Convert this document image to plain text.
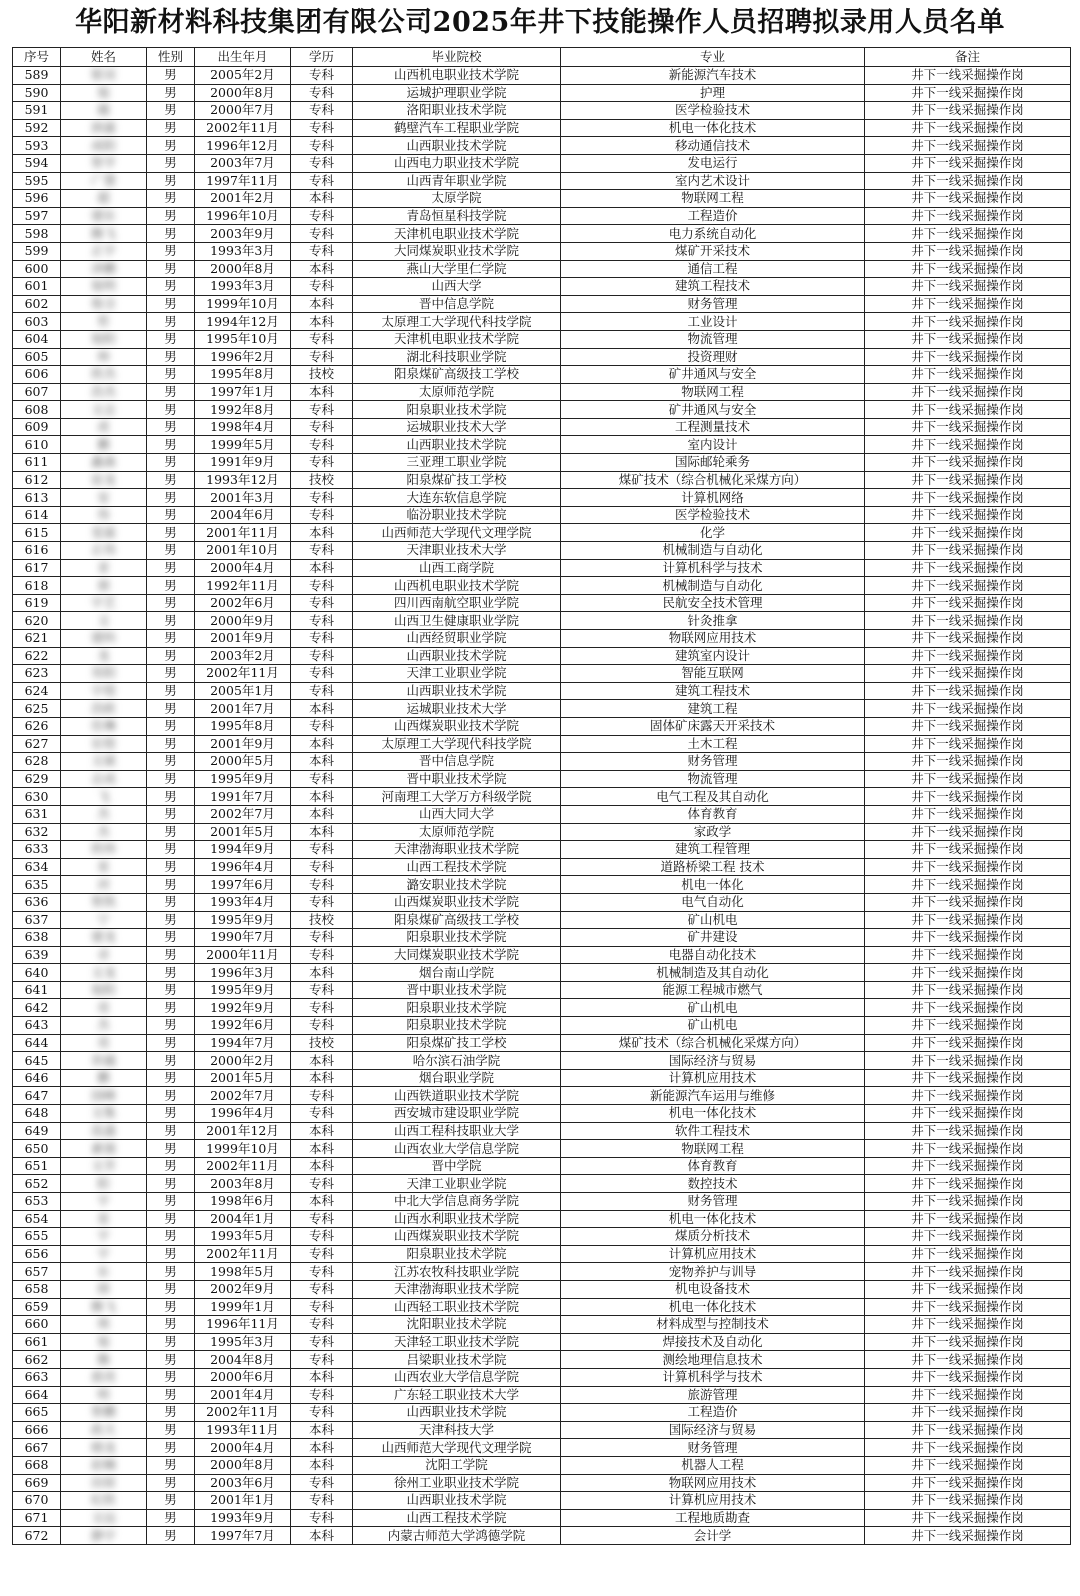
华阳新材料科技集团有限公司2025年井下技能操作人员招聘拟录用人员名单
序号	姓名	性别	出生年月	学历	毕业院校	专业	备注
589	银双	男	2005年2月	专科	山西机电职业技术学院	新能源汽车技术	井下一线采掘操作岗
590	旭	男	2000年8月	专科	运城护理职业学院	护理	井下一线采掘操作岗
591	越	男	2000年7月	专科	洛阳职业技术学院	医学检验技术	井下一线采掘操作岗
592	润嘉	男	2002年11月	专科	鹤壁汽车工程职业学院	机电一体化技术	井下一线采掘操作岗
593	成阳	男	1996年12月	专科	山西职业技术学院	移动通信技术	井下一线采掘操作岗
594	智亨	男	2003年7月	专科	山西电力职业技术学院	发电运行	井下一线采掘操作岗
595	广慧	男	1997年11月	专科	山西青年职业学院	室内艺术设计	井下一线采掘操作岗
596	超	男	2001年2月	本科	太原学院	物联网工程	井下一线采掘操作岗
597	建东	男	1996年10月	专科	青岛恒星科技学院	工程造价	井下一线采掘操作岗
598	腾飞	男	2003年9月	专科	天津机电职业技术学院	电力系统自动化	井下一线采掘操作岗
599	正宇	男	1993年3月	专科	大同煤炭职业技术学院	煤矿开采技术	井下一线采掘操作岗
600	泽鹏	男	2000年8月	本科	燕山大学里仁学院	通信工程	井下一线采掘操作岗
601	旭明	男	1993年3月	专科	山西大学	建筑工程技术	井下一线采掘操作岗
602	俊全	男	1999年10月	本科	晋中信息学院	财务管理	井下一线采掘操作岗
603	哲	男	1994年12月	本科	太原理工大学现代科技学院	工业设计	井下一线采掘操作岗
604	旭阳	男	1995年10月	专科	天津机电职业技术学院	物流管理	井下一线采掘操作岗
605	帅	男	1996年2月	专科	湖北科技职业学院	投资理财	井下一线采掘操作岗
606	欣杰	男	1995年8月	技校	阳泉煤矿高级技工学校	矿井通风与安全	井下一线采掘操作岗
607	浩杰	男	1997年1月	本科	太原师范学院	物联网工程	井下一线采掘操作岗
608	文志	男	1992年8月	专科	阳泉职业技术学院	矿井通风与安全	井下一线采掘操作岗
609	虎	男	1998年4月	专科	运城职业技术大学	工程测量技术	井下一线采掘操作岗
610	鹏	男	1999年5月	专科	山西职业技术学院	室内设计	井下一线采掘操作岗
611	鑫森	男	1991年9月	专科	三亚理工职业学院	国际邮轮乘务	井下一线采掘操作岗
612	宸龙	男	1993年12月	技校	阳泉煤矿技工学校	煤矿技术（综合机械化采煤方向）	井下一线采掘操作岗
613	安	男	2001年3月	专科	大连东软信息学院	计算机网络	井下一线采掘操作岗
614	伟	男	2004年6月	专科	临汾职业技术学院	医学检验技术	井下一线采掘操作岗
615	雯霖	男	2001年11月	本科	山西师范大学现代文理学院	化学	井下一线采掘操作岗
616	正伟	男	2001年10月	专科	天津职业技术大学	机械制造与自动化	井下一线采掘操作岗
617	亚	男	2000年4月	本科	山西工商学院	计算机科学与技术	井下一线采掘操作岗
618	朋	男	1992年11月	专科	山西机电职业技术学院	机械制造与自动化	井下一线采掘操作岗
619	宇艺	男	2002年6月	专科	四川西南航空职业学院	民航安全技术管理	井下一线采掘操作岗
620	文	男	2000年9月	专科	山西卫生健康职业学院	针灸推拿	井下一线采掘操作岗
621	建科	男	2001年9月	专科	山西经贸职业学院	物联网应用技术	井下一线采掘操作岗
622	龙	男	2003年2月	专科	山西职业技术学院	建筑室内设计	井下一线采掘操作岗
623	昊阳	男	2002年11月	专科	天津工业职业学院	智能互联网	井下一线采掘操作岗
624	宇煜	男	2005年1月	专科	山西职业技术学院	建筑工程技术	井下一线采掘操作岗
625	浩欧	男	2001年7月	本科	运城职业技术大学	建筑工程	井下一线采掘操作岗
626	佳琳	男	1995年8月	专科	山西煤炭职业技术学院	固体矿床露天开采技术	井下一线采掘操作岗
627	宏煜	男	2001年9月	本科	太原理工大学现代科技学院	土木工程	井下一线采掘操作岗
628	文斌	男	2000年5月	本科	晋中信息学院	财务管理	井下一线采掘操作岗
629	志成	男	1995年9月	专科	晋中职业技术学院	物流管理	井下一线采掘操作岗
630	飞	男	1991年7月	本科	河南理工大学万方科级学院	电气工程及其自动化	井下一线采掘操作岗
631	杰	男	2002年7月	本科	山西大同大学	体育教育	井下一线采掘操作岗
632	杰	男	2001年5月	本科	太原师范学院	家政学	井下一线采掘操作岗
633	欣炜	男	1994年9月	专科	天津渤海职业技术学院	建筑工程管理	井下一线采掘操作岗
634	星	男	1996年4月	专科	山西工程技术学院	道路桥梁工程 技术	井下一线采掘操作岗
635	河	男	1997年6月	专科	潞安职业技术学院	机电一体化	井下一线采掘操作岗
636	智凯	男	1993年4月	专科	山西煤炭职业技术学院	电气自动化	井下一线采掘操作岗
637	宁	男	1995年9月	技校	阳泉煤矿高级技工学校	矿山机电	井下一线采掘操作岗
638	建龙	男	1990年7月	专科	阳泉职业技术学院	矿井建设	井下一线采掘操作岗
639	卓	男	2000年11月	专科	大同煤炭职业技术学院	电器自动化技术	井下一线采掘操作岗
640	文龙	男	1996年3月	本科	烟台南山学院	机械制造及其自动化	井下一线采掘操作岗
641	旭阳	男	1995年9月	专科	晋中职业技术学院	能源工程城市燃气	井下一线采掘操作岗
642	亮	男	1992年9月	专科	阳泉职业技术学院	矿山机电	井下一线采掘操作岗
643	杰	男	1992年6月	专科	阳泉职业技术学院	矿山机电	井下一线采掘操作岗
644	亮	男	1994年7月	技校	阳泉煤矿技工学校	煤矿技术（综合机械化采煤方向）	井下一线采掘操作岗
645	世越	男	2000年2月	本科	哈尔滨石油学院	国际经济与贸易	井下一线采掘操作岗
646	鹏	男	2001年5月	本科	烟台职业学院	计算机应用技术	井下一线采掘操作岗
647	国峰	男	2002年7月	专科	山西铁道职业技术学院	新能源汽车运用与维修	井下一线采掘操作岗
648	文集	男	1996年4月	专科	西安城市建设职业学院	机电一体化技术	井下一线采掘操作岗
649	泓盛	男	2001年12月	本科	山西工程科技职业大学	软件工程技术	井下一线采掘操作岗
650	素强	男	1999年10月	本科	山西农业大学信息学院	物联网工程	井下一线采掘操作岗
651	文芳	男	2002年11月	本科	晋中学院	体育教育	井下一线采掘操作岗
652	阳	男	2003年8月	专科	天津工业职业学院	数控技术	井下一线采掘操作岗
653	宇	男	1998年6月	本科	中北大学信息商务学院	财务管理	井下一线采掘操作岗
654	星	男	2004年1月	专科	山西水利职业技术学院	机电一体化技术	井下一线采掘操作岗
655	宇	男	1993年5月	专科	山西煤炭职业技术学院	煤质分析技术	井下一线采掘操作岗
656	宇	男	2002年11月	专科	阳泉职业技术学院	计算机应用技术	井下一线采掘操作岗
657	东	男	1998年5月	专科	江苏农牧科技职业学院	宠物养护与训导	井下一线采掘操作岗
658	颀	男	2002年9月	专科	天津渤海职业技术学院	机电设备技术	井下一线采掘操作岗
659	腾飞	男	1999年1月	专科	山西轻工职业技术学院	机电一体化技术	井下一线采掘操作岗
660	琪	男	1996年11月	专科	沈阳职业技术学院	材料成型与控制技术	井下一线采掘操作岗
661	旭	男	1995年3月	专科	天津轻工职业技术学院	焊接技术及自动化	井下一线采掘操作岗
662	腾	男	2004年8月	专科	吕梁职业技术学院	测绘地理信息技术	井下一线采掘操作岗
663	晨亮	男	2000年6月	本科	山西农业大学信息学院	计算机科学与技术	井下一线采掘操作岗
664	明	男	2001年4月	专科	广东轻工职业技术大学	旅游管理	井下一线采掘操作岗
665	智鹏	男	2002年11月	专科	山西职业技术学院	工程造价	井下一线采掘操作岗
666	政天	男	1993年11月	本科	天津科技大学	国际经济与贸易	井下一线采掘操作岗
667	晓龙	男	2000年4月	本科	山西师范大学现代文理学院	财务管理	井下一线采掘操作岗
668	赵楠	男	2000年8月	本科	沈阳工学院	机器人工程	井下一线采掘操作岗
669	田原	男	2003年6月	专科	徐州工业职业技术学院	物联网应用技术	井下一线采掘操作岗
670	纪欣	男	2001年1月	专科	山西职业技术学院	计算机应用技术	井下一线采掘操作岗
671	文远	男	1993年9月	专科	山西工程技术学院	工程地质勘查	井下一线采掘操作岗
672	静宇	男	1997年7月	本科	内蒙古师范大学鸿德学院	会计学	井下一线采掘操作岗
